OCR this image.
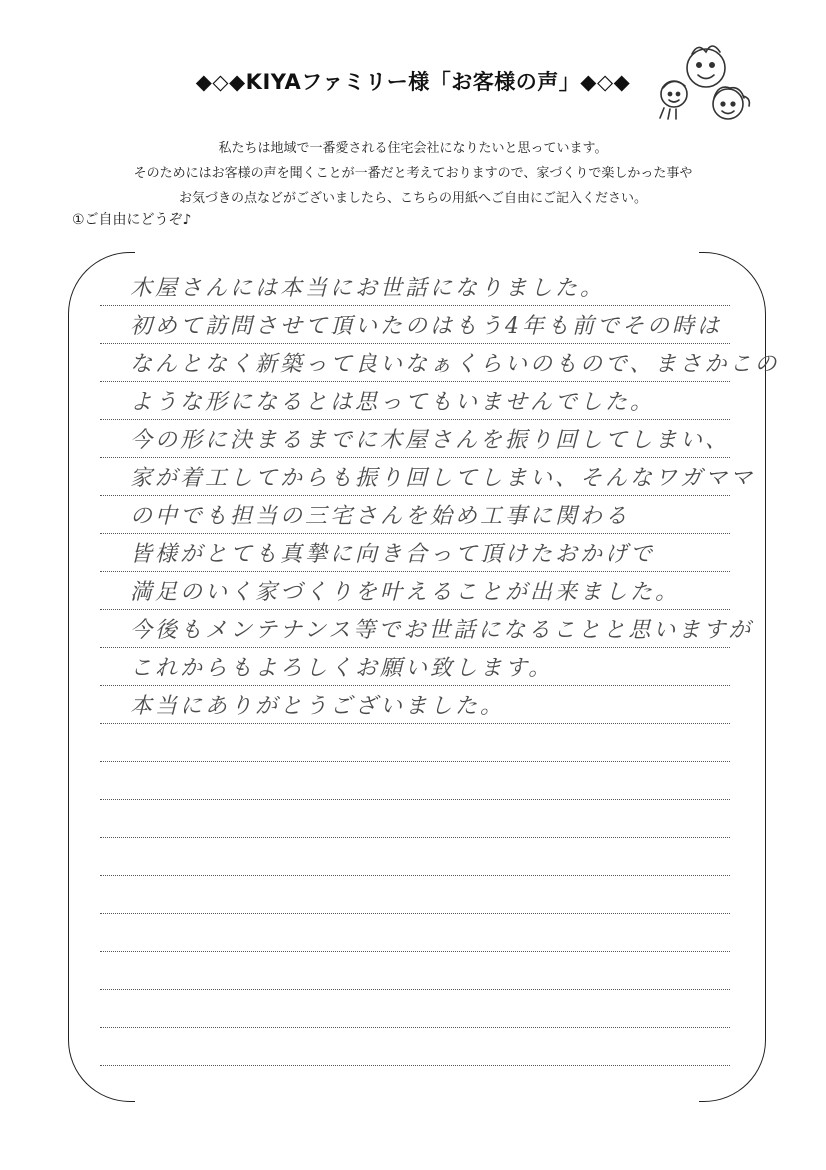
◆◇◆KIYAファミリー様「お客様の声」◆◇◆
私たちは地域で一番愛される住宅会社になりたいと思っています。
そのためにはお客様の声を聞くことが一番だと考えておりますので、家づくりで楽しかった事や
お気づきの点などがございましたら、こちらの用紙へご自由にご記入ください。
①ご自由にどうぞ♪
木屋さんには本当にお世話になりました。
初めて訪問させて頂いたのはもう4年も前でその時は
なんとなく新築って良いなぁくらいのもので、まさかこの
ような形になるとは思ってもいませんでした。
今の形に決まるまでに木屋さんを振り回してしまい、
家が着工してからも振り回してしまい、そんなワガママ
の中でも担当の三宅さんを始め工事に関わる
皆様がとても真摯に向き合って頂けたおかげで
満足のいく家づくりを叶えることが出来ました。
今後もメンテナンス等でお世話になることと思いますが
これからもよろしくお願い致します。
本当にありがとうございました。
